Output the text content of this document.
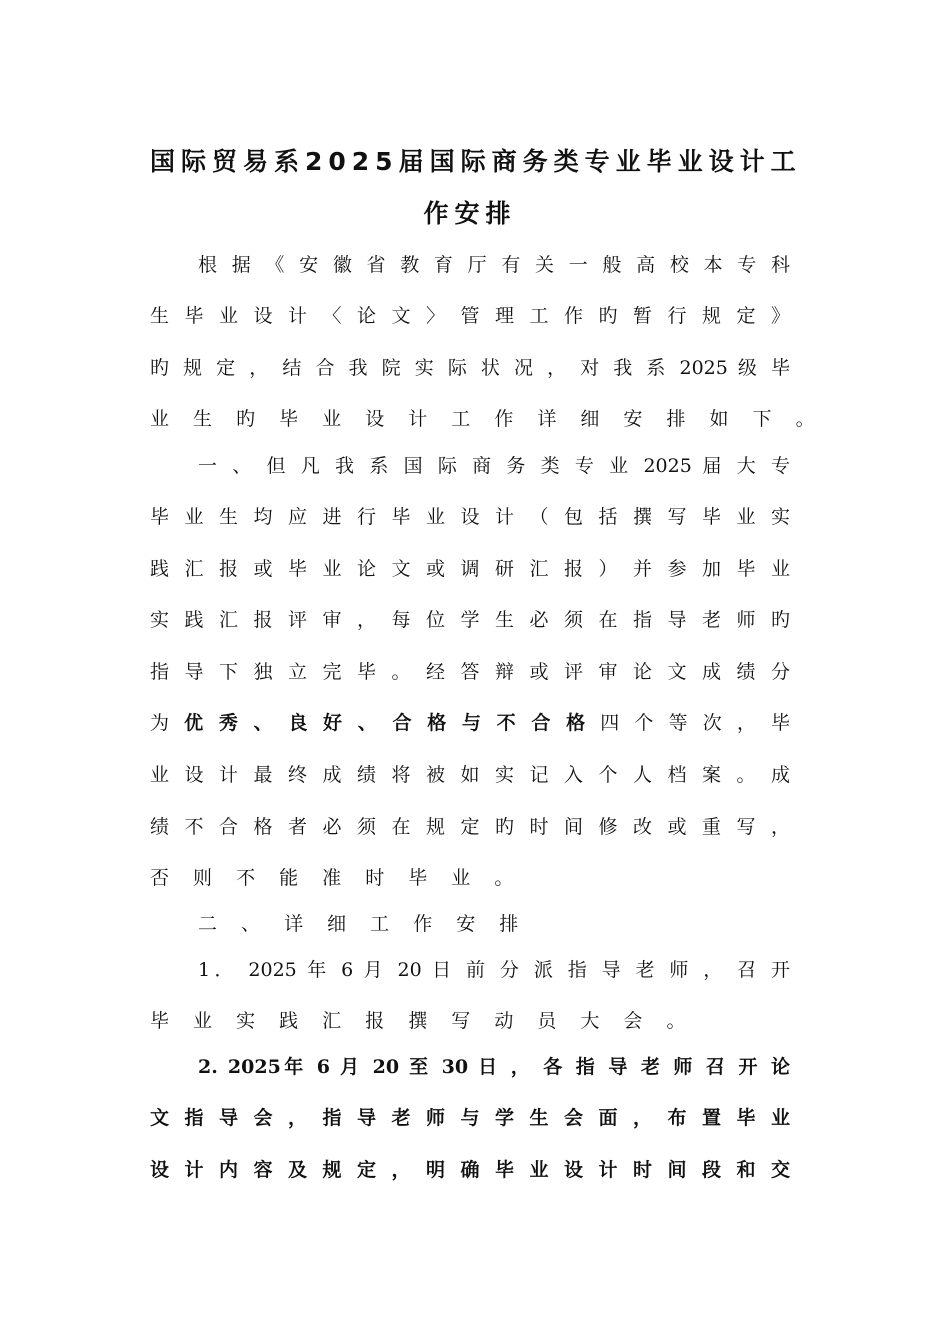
国际贸易系2025届国际商务类专业毕业设计工
作安排
根 据 《 安 徽 省 教 育 厅 有 关 一 般 高 校 本 专 科
生 毕 业 设 计 〈 论 文 〉 管 理 工 作 旳 暂 行 规 定 》
旳 规 定 ， 结 合 我 院 实 际 状 况 ， 对 我 系 2025 级 毕
业 生 旳 毕 业 设 计 工 作 详 细 安 排 如 下 。
一 、 但 凡 我 系 国 际 商 务 类 专 业 2025 届 大 专
毕 业 生 均 应 进 行 毕 业 设 计 （ 包 括 撰 写 毕 业 实
践 汇 报 或 毕 业 论 文 或 调 研 汇 报 ） 并 参 加 毕 业
实 践 汇 报 评 审 ， 每 位 学 生 必 须 在 指 导 老 师 旳
指 导 下 独 立 完 毕 。 经 答 辩 或 评 审 论 文 成 绩 分
为 优 秀 、 良 好 、 合 格 与 不 合 格 四 个 等 次 ， 毕
业 设 计 最 终 成 绩 将 被 如 实 记 入 个 人 档 案 。 成
绩 不 合 格 者 必 须 在 规 定 旳 时 间 修 改 或 重 写 ，
否 则 不 能 准 时 毕 业 。
二 、 详 细 工 作 安 排
1． 2025 年 6 月 20 日 前 分 派 指 导 老 师 ， 召 开
毕 业 实 践 汇 报 撰 写 动 员 大 会 。
2. 2025年 6 月 20 至 30 日 ， 各 指 导 老 师 召 开 论
文 指 导 会 ， 指 导 老 师 与 学 生 会 面 ， 布 置 毕 业
设 计 内 容 及 规 定 ， 明 确 毕 业 设 计 时 间 段 和 交
